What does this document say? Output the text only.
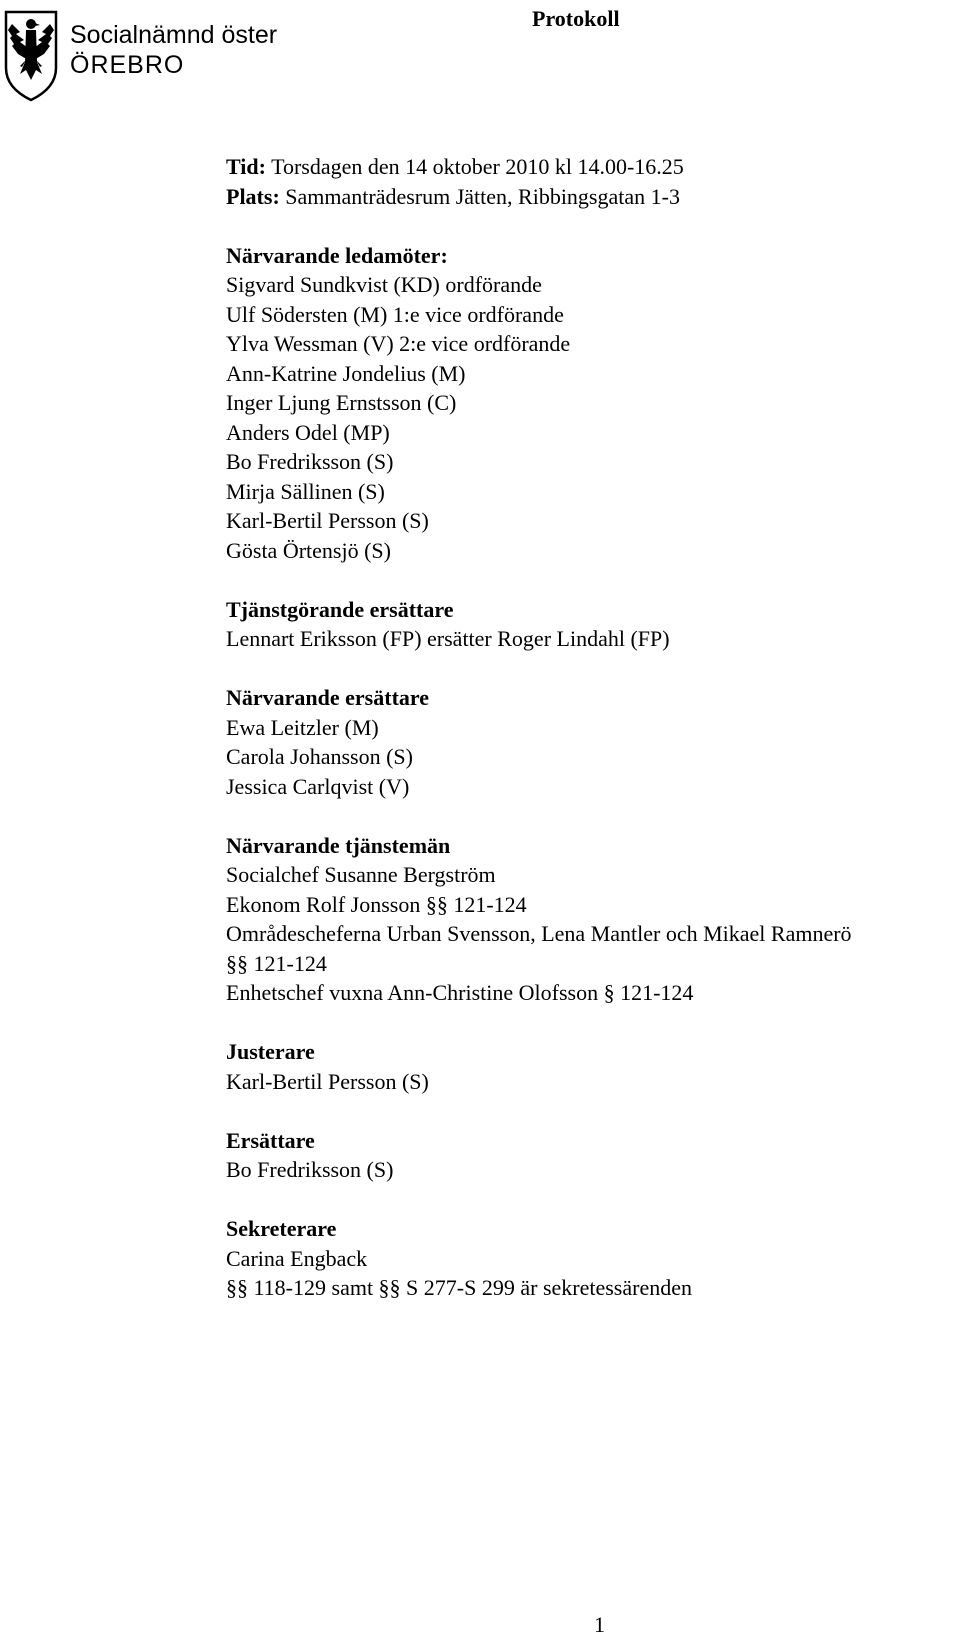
Socialnämnd öster
ÖREBRO
Protokoll
Tid: Torsdagen den 14 oktober 2010 kl 14.00-16.25
Plats: Sammanträdesrum Jätten, Ribbingsgatan 1-3
Närvarande ledamöter:
Sigvard Sundkvist (KD) ordförande
Ulf Södersten (M) 1:e vice ordförande
Ylva Wessman (V) 2:e vice ordförande
Ann-Katrine Jondelius (M)
Inger Ljung Ernstsson (C)
Anders Odel (MP)
Bo Fredriksson (S)
Mirja Sällinen (S)
Karl-Bertil Persson (S)
Gösta Örtensjö (S)
Tjänstgörande ersättare
Lennart Eriksson (FP) ersätter Roger Lindahl (FP)
Närvarande ersättare
Ewa Leitzler (M)
Carola Johansson (S)
Jessica Carlqvist (V)
Närvarande tjänstemän
Socialchef Susanne Bergström
Ekonom Rolf Jonsson §§ 121-124
Områdescheferna Urban Svensson, Lena Mantler och Mikael Ramnerö
§§ 121-124
Enhetschef vuxna Ann-Christine Olofsson § 121-124
Justerare
Karl-Bertil Persson (S)
Ersättare
Bo Fredriksson (S)
Sekreterare
Carina Engback
§§ 118-129 samt §§ S 277-S 299 är sekretessärenden
1
